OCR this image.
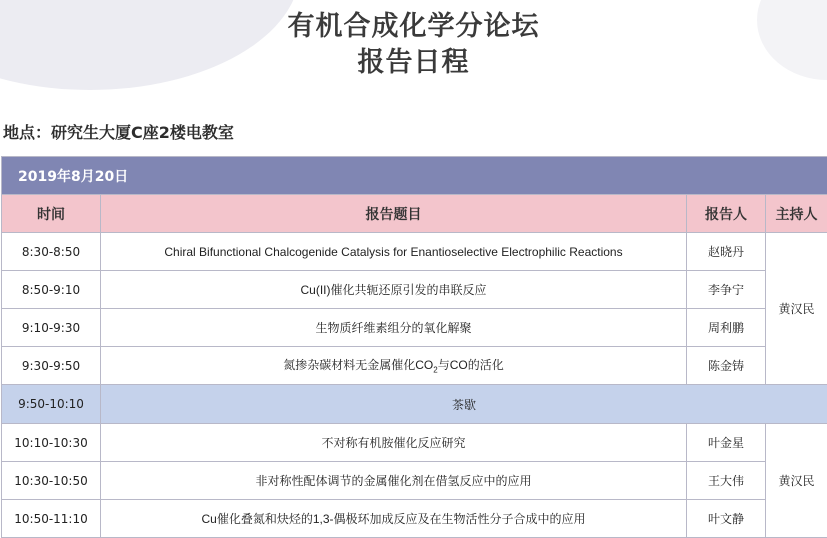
有机合成化学分论坛
报告日程
地点：研究生大厦C座2楼电教室
2019年8月20日			
时间	报告题目	报告人	主持人
8:30-8:50	Chiral Bifunctional Chalcogenide Catalysis for Enantioselective Electrophilic Reactions	赵晓丹	黄汉民
8:50-9:10	Cu(II)催化共轭还原引发的串联反应	李争宁	
9:10-9:30	生物质纤维素组分的氧化解聚	周利鹏	
9:30-9:50	氮掺杂碳材料无金属催化$CO_2$与CO的活化	陈金铸	
9:50-10:10	茶歇		
10:10-10:30	不对称有机胺催化反应研究	叶金星	黄汉民
10:30-10:50	非对称性配体调节的金属催化剂在借氢反应中的应用	王大伟	
10:50-11:10	Cu催化叠氮和炔烃的1,3-偶极环加成反应及在生物活性分子合成中的应用	叶文静	
